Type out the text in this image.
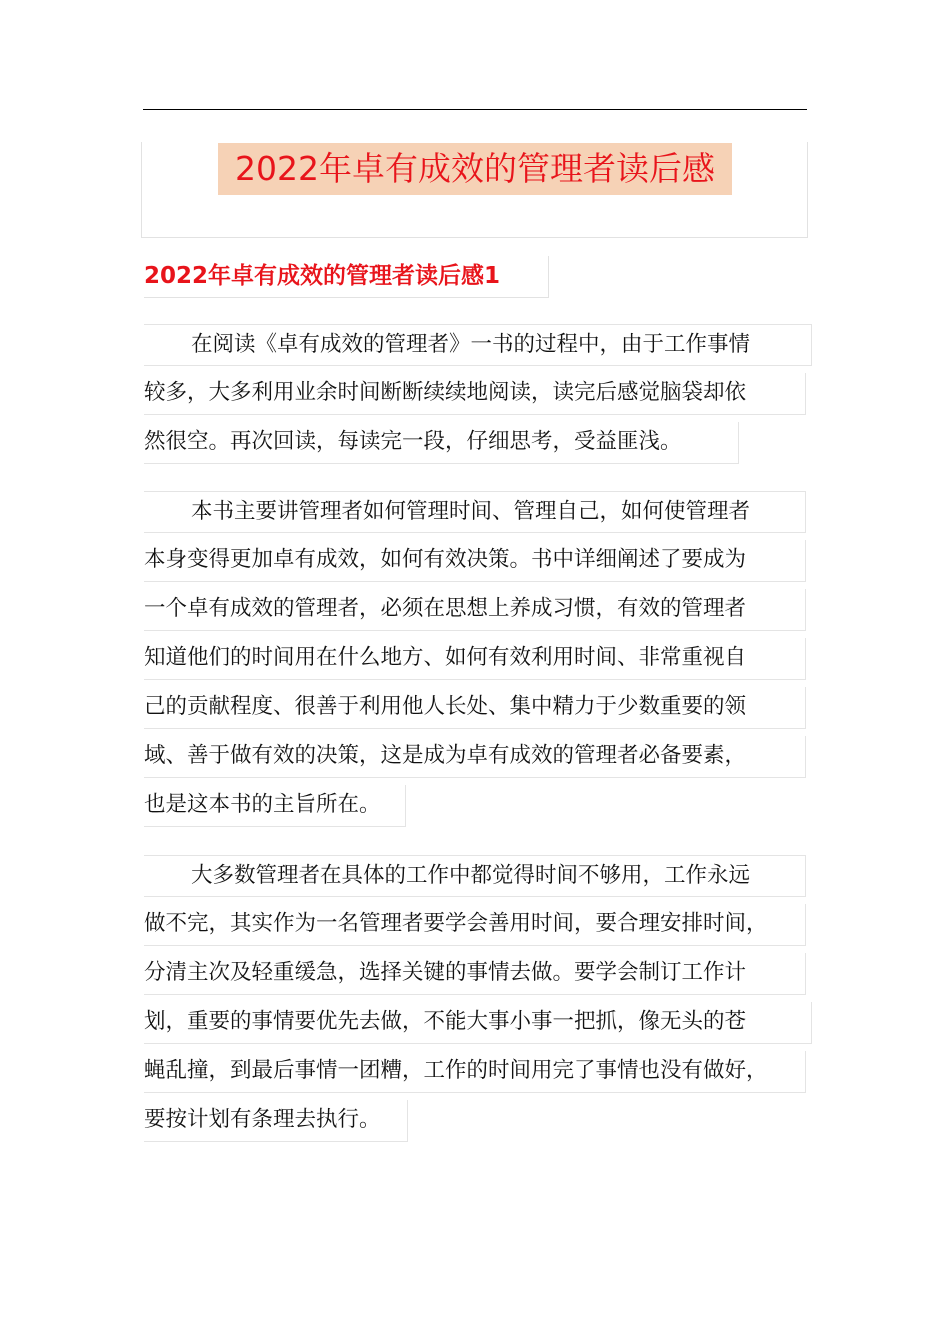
2022年卓有成效的管理者读后感
2022年卓有成效的管理者读后感1
在阅读《卓有成效的管理者》一书的过程中，由于工作事情
较多，大多利用业余时间断断续续地阅读，读完后感觉脑袋却依
然很空。再次回读，每读完一段，仔细思考，受益匪浅。
本书主要讲管理者如何管理时间、管理自己，如何使管理者
本身变得更加卓有成效，如何有效决策。书中详细阐述了要成为
一个卓有成效的管理者，必须在思想上养成习惯，有效的管理者
知道他们的时间用在什么地方、如何有效利用时间、非常重视自
己的贡献程度、很善于利用他人长处、集中精力于少数重要的领
域、善于做有效的决策，这是成为卓有成效的管理者必备要素，
也是这本书的主旨所在。
大多数管理者在具体的工作中都觉得时间不够用，工作永远
做不完，其实作为一名管理者要学会善用时间，要合理安排时间，
分清主次及轻重缓急，选择关键的事情去做。要学会制订工作计
划，重要的事情要优先去做，不能大事小事一把抓，像无头的苍
蝇乱撞，到最后事情一团糟，工作的时间用完了事情也没有做好，
要按计划有条理去执行。
